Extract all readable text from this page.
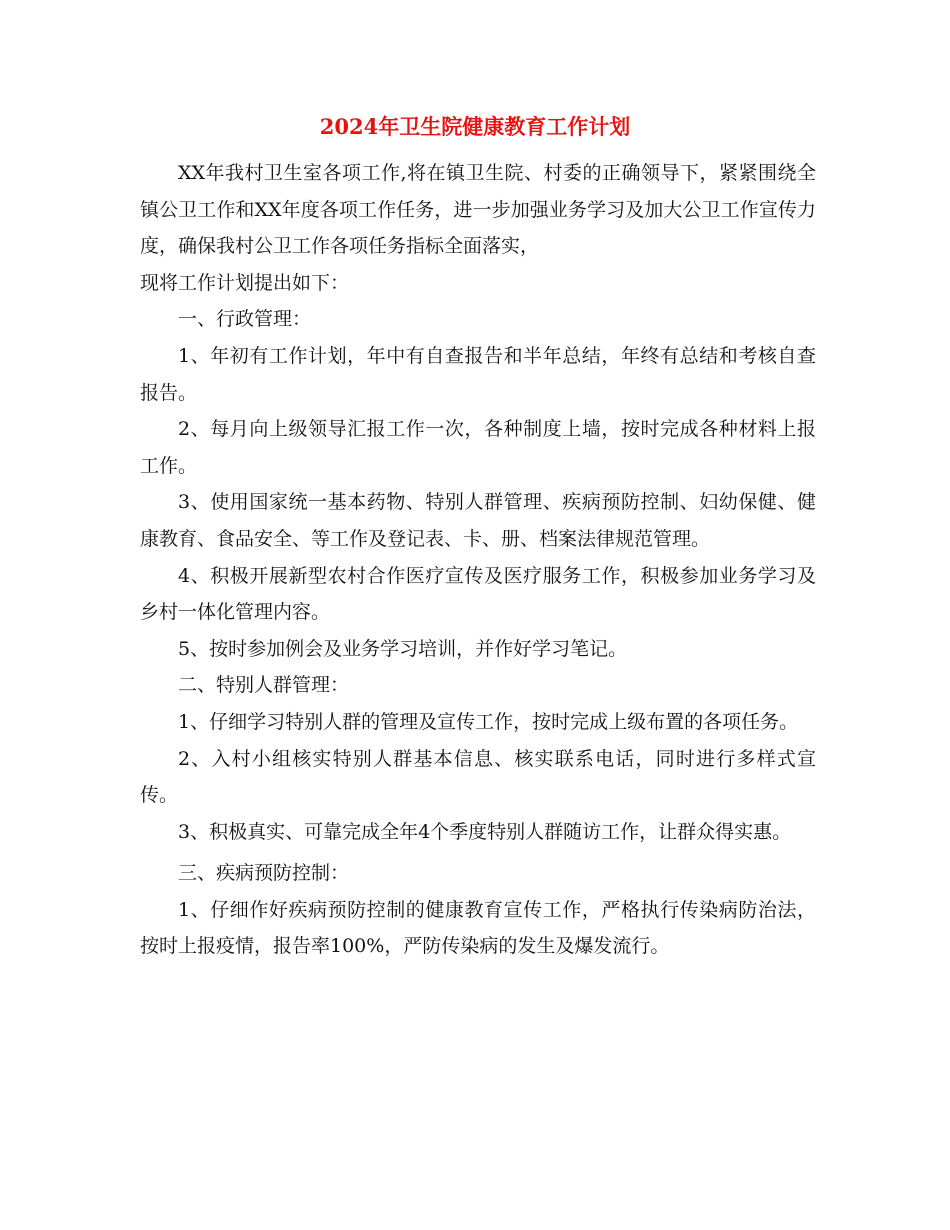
2024年卫生院健康教育工作计划

XX年我村卫生室各项工作,将在镇卫生院、村委的正确领导下，紧紧围绕全镇公卫工作和XX年度各项工作任务，进一步加强业务学习及加大公卫工作宣传力度，确保我村公卫工作各项任务指标全面落实，

现将工作计划提出如下：

一、行政管理：

1、年初有工作计划，年中有自查报告和半年总结，年终有总结和考核自查报告。

2、每月向上级领导汇报工作一次，各种制度上墙，按时完成各种材料上报工作。

3、使用国家统一基本药物、特别人群管理、疾病预防控制、妇幼保健、健康教育、食品安全、等工作及登记表、卡、册、档案法律规范管理。

4、积极开展新型农村合作医疗宣传及医疗服务工作，积极参加业务学习及乡村一体化管理内容。

5、按时参加例会及业务学习培训，并作好学习笔记。

二、特别人群管理：

1、仔细学习特别人群的管理及宣传工作，按时完成上级布置的各项任务。

2、入村小组核实特别人群基本信息、核实联系电话，同时进行多样式宣传。

3、积极真实、可靠完成全年4个季度特别人群随访工作，让群众得实惠。

三、疾病预防控制：

1、仔细作好疾病预防控制的健康教育宣传工作，严格执行传染病防治法，按时上报疫情，报告率100%，严防传染病的发生及爆发流行。
